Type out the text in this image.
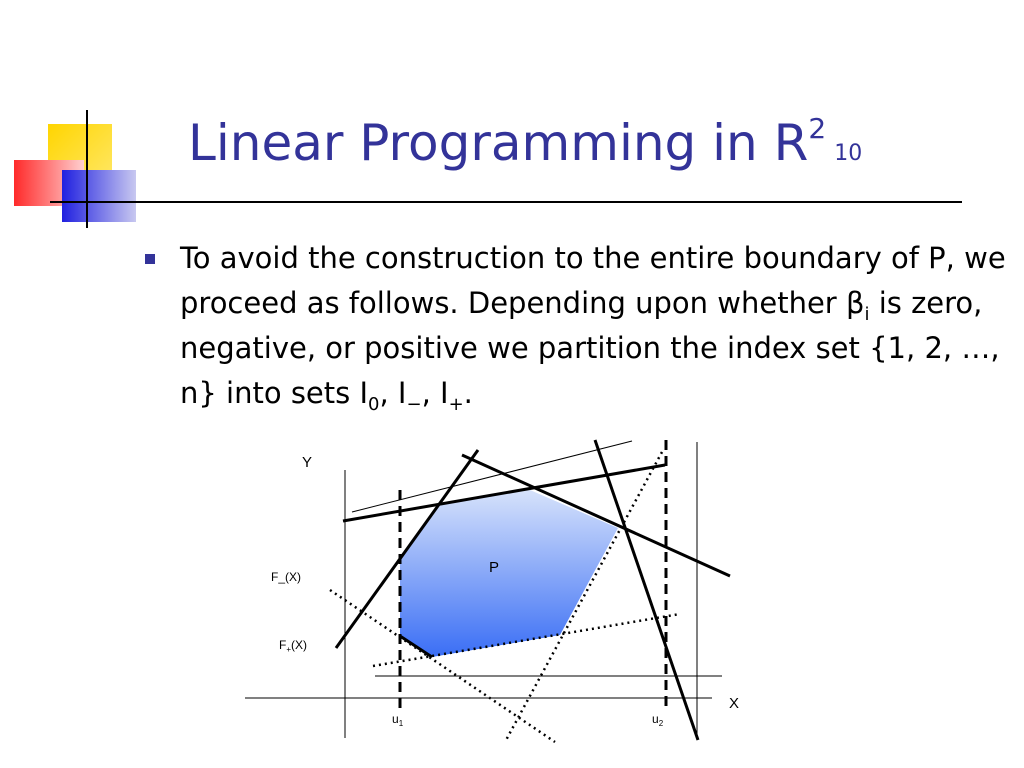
Linear Programming in $R^210$

To avoid the construction to the entire boundary of P, we proceed as follows. Depending upon whether $\beta_i$ is zero, negative, or positive we partition the index set {1, 2, …, n} into sets $I_0$, $I_-$, $I_+$.

Y
X
P
F_(X)
$F_+(X)$
$u_1$	$u_2$
